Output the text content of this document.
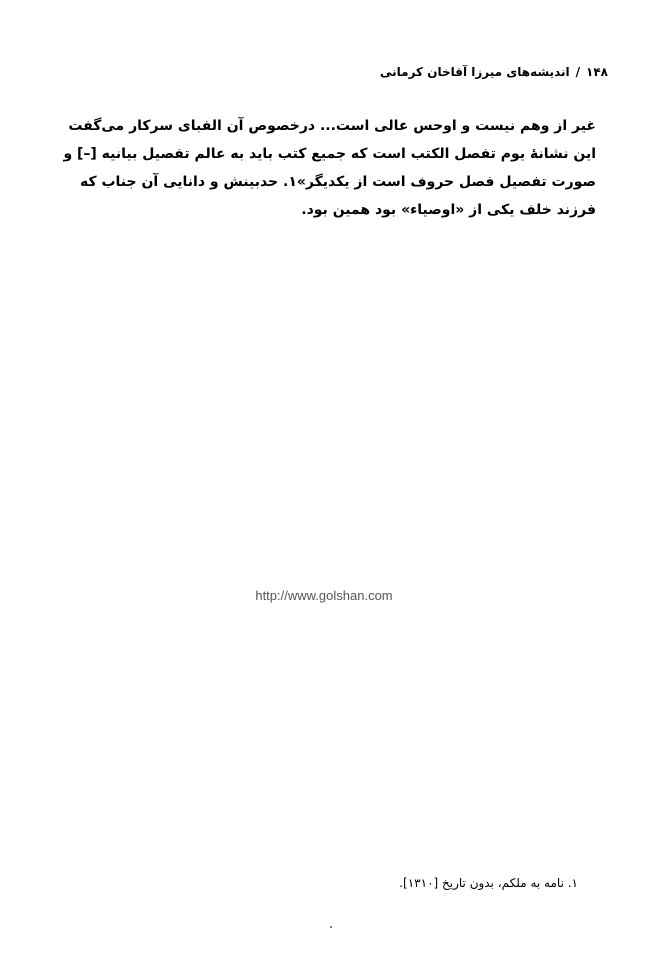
۱۴۸
/
اندیشه‌های میرزا آقاخان کرمانی
غیر از وهم نیست و اوحس عالی است... درخصوص آن الفبای سرکار می‌گفت
این نشانهٔ یوم تفصل الکتب است که جمیع کتب باید به عالم تفصیل بیانیه [–] و
صورت تفصیل فصل حروف است از یکدیگر»۱. حدبینش و دانایی آن جناب که
فرزند خلف یکی از «اوصیاء» بود همین بود.
http://www.golshan.com
۱. نامه به ملکم، بدون تاریخ [۱۳۱۰].
